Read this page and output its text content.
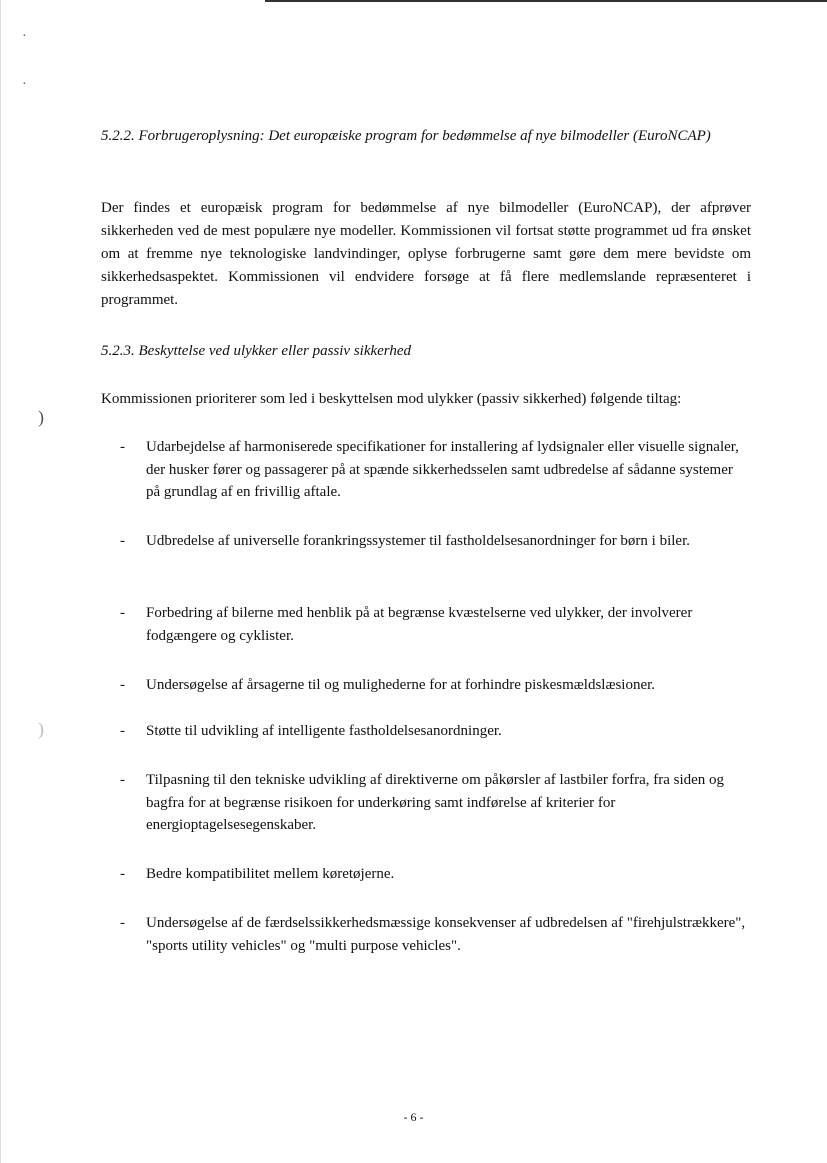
·
·
)
)
5.2.2. Forbrugeroplysning: Det europæiske program for bedømmelse af nye bilmodeller (EuroNCAP)
Der findes et europæisk program for bedømmelse af nye bilmodeller (EuroNCAP), der afprøver sikkerheden ved de mest populære nye modeller. Kommissionen vil fortsat støtte programmet ud fra ønsket om at fremme nye teknologiske landvindinger, oplyse forbrugerne samt gøre dem mere bevidste om sikkerhedsaspektet. Kommissionen vil endvidere forsøge at få flere medlemslande repræsenteret i programmet.
5.2.3. Beskyttelse ved ulykker eller passiv sikkerhed
Kommissionen prioriterer som led i beskyttelsen mod ulykker (passiv sikkerhed) følgende tiltag:
- Udarbejdelse af harmoniserede specifikationer for installering af lydsignaler eller visuelle signaler, der husker fører og passagerer på at spænde sikkerhedsselen samt udbredelse af sådanne systemer på grundlag af en frivillig aftale.
- Udbredelse af universelle forankringssystemer til fastholdelsesanordninger for børn i biler.
- Forbedring af bilerne med henblik på at begrænse kvæstelserne ved ulykker, der involverer fodgængere og cyklister.
- Undersøgelse af årsagerne til og mulighederne for at forhindre piskesmældslæsioner.
- Støtte til udvikling af intelligente fastholdelsesanordninger.
- Tilpasning til den tekniske udvikling af direktiverne om påkørsler af lastbiler forfra, fra siden og bagfra for at begrænse risikoen for underkøring samt indførelse af kriterier for energioptagelsesegenskaber.
- Bedre kompatibilitet mellem køretøjerne.
- Undersøgelse af de færdselssikkerhedsmæssige konsekvenser af udbredelsen af "firehjulstrækkere", "sports utility vehicles" og "multi purpose vehicles".
- 6 -
